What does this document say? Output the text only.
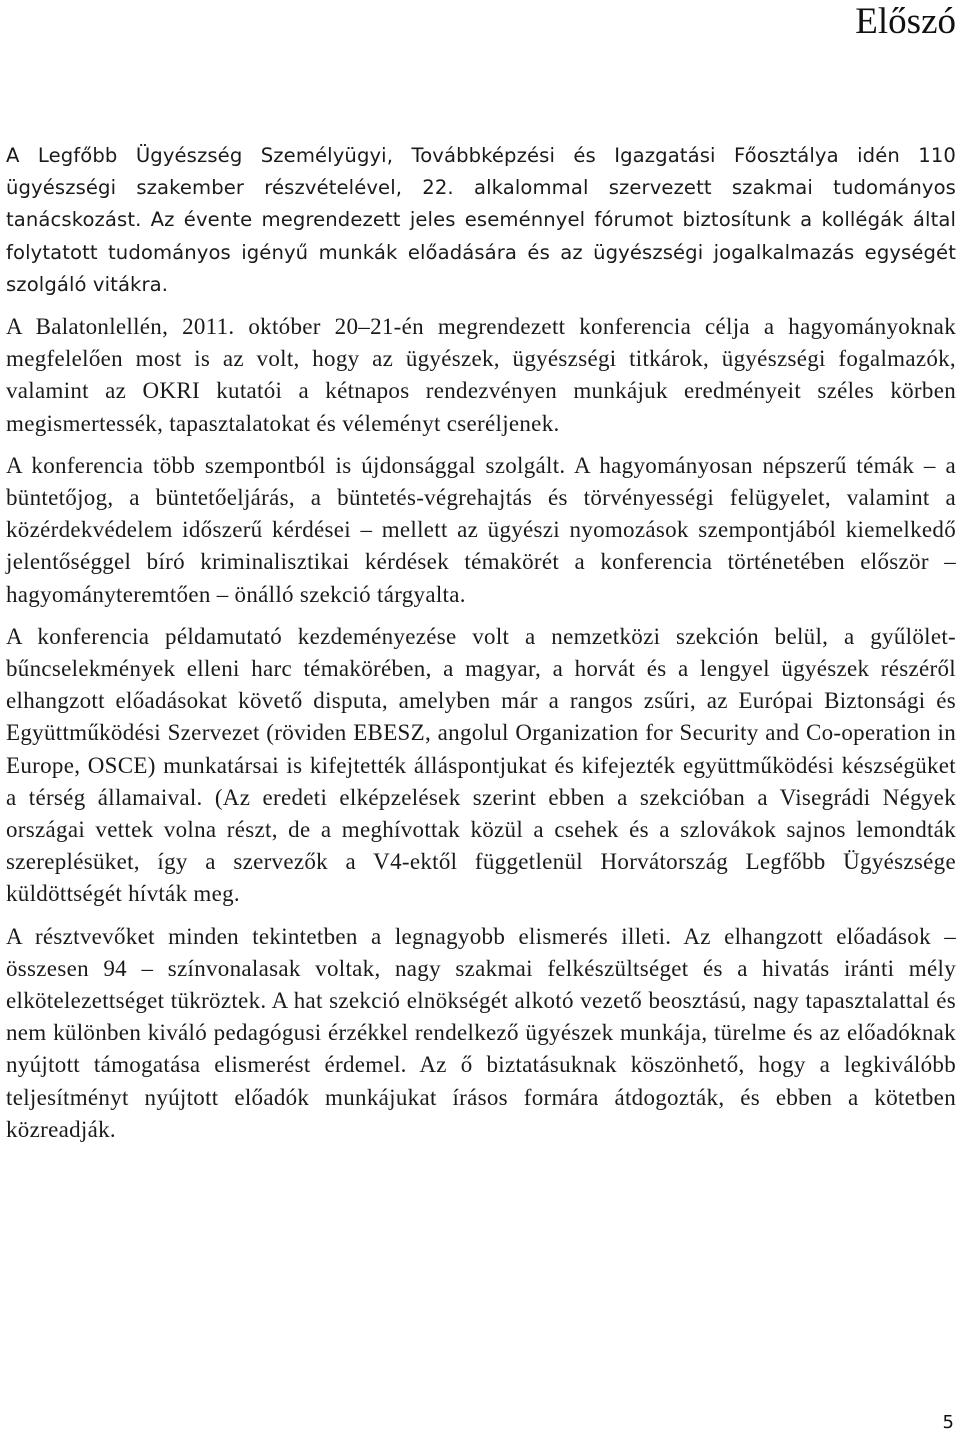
Előszó

A Legfőbb Ügyészség Személyügyi, Továbbképzési és Igazgatási Főosztálya idén 110 ügyészségi szakember részvételével, 22. alkalommal szervezett szakmai tudományos tanácskozást. Az évente megrendezett jeles eseménnyel fórumot biztosítunk a kollégák által folytatott tudományos igényű munkák előadására és az ügyészségi jogalkalmazás egységét szolgáló vitákra.

A Balatonlellén, 2011. október 20–21-én megrendezett konferencia célja a hagyományoknak megfelelően most is az volt, hogy az ügyészek, ügyészségi titkárok, ügyészségi fogalmazók, valamint az OKRI kutatói a kétnapos rendezvényen munkájuk eredményeit széles körben megismertessék, tapasztalatokat és véleményt cseréljenek.

A konferencia több szempontból is újdonsággal szolgált. A hagyományosan népszerű témák – a büntetőjog, a büntetőeljárás, a büntetés-végrehajtás és törvényességi felügyelet, valamint a közérdekvédelem időszerű kérdései – mellett az ügyészi nyomozások szempontjából kiemelkedő jelentőséggel bíró kriminalisztikai kérdések témakörét a konferencia történetében először – hagyományteremtően – önálló szekció tárgyalta.

A konferencia példamutató kezdeményezése volt a nemzetközi szekción belül, a gyűlölet-bűncselekmények elleni harc témakörében, a magyar, a horvát és a lengyel ügyészek részéről elhangzott előadásokat követő disputa, amelyben már a rangos zsűri, az Európai Biztonsági és Együttműködési Szervezet (röviden EBESZ, angolul Organization for Security and Co-operation in Europe, OSCE) munkatársai is kifejtették álláspontjukat és kifejezték együttműködési készségüket a térség államaival. (Az eredeti elképzelések szerint ebben a szekcióban a Visegrádi Négyek országai vettek volna részt, de a meghívottak közül a csehek és a szlovákok sajnos lemondták szereplésüket, így a szervezők a V4-ektől függetlenül Horvátország Legfőbb Ügyészsége küldöttségét hívták meg.

A résztvevőket minden tekintetben a legnagyobb elismerés illeti. Az elhangzott előadások – összesen 94 – színvonalasak voltak, nagy szakmai felkészültséget és a hivatás iránti mély elkötelezettséget tükröztek. A hat szekció elnökségét alkotó vezető beosztású, nagy tapasztalattal és nem különben kiváló pedagógusi érzékkel rendelkező ügyészek munkája, türelme és az előadóknak nyújtott támogatása elismerést érdemel. Az ő biztatásuknak köszönhető, hogy a legkiválóbb teljesítményt nyújtott előadók munkájukat írásos formára átdogozták, és ebben a kötetben közreadják.

5
